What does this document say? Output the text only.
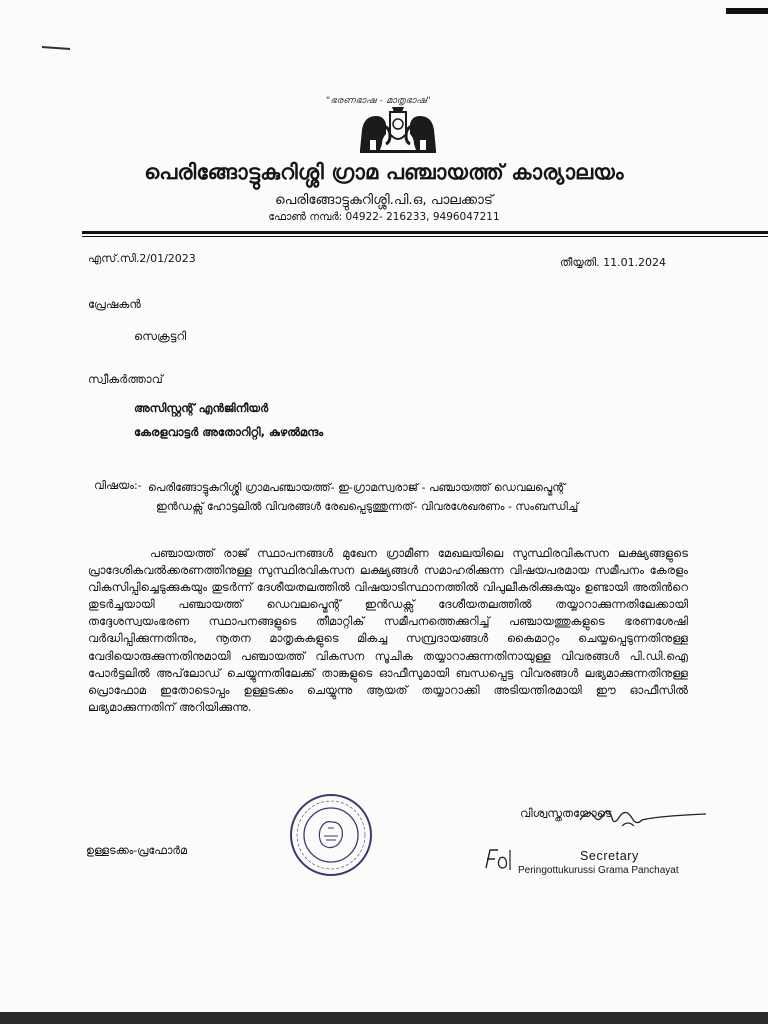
"ഭരണഭാഷ - മാതൃഭാഷ"
പെരിങ്ങോട്ടുകുറിശ്ശി ഗ്രാമ പഞ്ചായത്ത് കാര്യാലയം
പെരിങ്ങോട്ടുകുറിശ്ശി.പി.ഒ, പാലക്കാട്
ഫോൺ നമ്പർ: 04922- 216233, 9496047211
എസ്.സി.2/01/2023	തീയ്യതി. 11.01.2024
പ്രേഷകൻ
സെക്രട്ടറി
സ്വീകർത്താവ്
അസിസ്റ്റന്റ് എൻജിനീയർ
കേരളവാട്ടർ അതോറിറ്റി, കുഴൽമന്ദം
വിഷയം:- പെരിങ്ങോട്ടുകുറിശ്ശി ഗ്രാമപഞ്ചായത്ത്- ഇ-ഗ്രാമസ്വരാജ് - പഞ്ചായത്ത് ഡെവലപ്മെന്റ്
ഇൻഡക്സ് ഹോട്ടലിൽ വിവരങ്ങൾ രേഖപ്പെടുത്തുന്നത്- വിവരശേഖരണം - സംബന്ധിച്ച്
പഞ്ചായത്ത് രാജ് സ്ഥാപനങ്ങൾ മുഖേന ഗ്രാമീണ മേഖലയിലെ സുസ്ഥിരവികസന ലക്ഷ്യങ്ങളുടെ പ്രാദേശികവൽക്കരണത്തിനുള്ള സുസ്ഥിരവികസന ലക്ഷ്യങ്ങൾ സമാഹരിക്കുന്ന വിഷയപരമായ സമീപനം കേരളം വികസിപ്പിച്ചെടുക്കുകയും തുടർന്ന് ദേശീയതലത്തിൽ വിഷയാടിസ്ഥാനത്തിൽ വിപുലീകരിക്കുകയും ഉണ്ടായി അതിൻറെ തുടർച്ചയായി പഞ്ചായത്ത് ഡെവലപ്മെന്റ് ഇൻഡക്സ് ദേശീയതലത്തിൽ തയ്യാറാക്കുന്നതിലേക്കായി തദ്ദേശസ്വയംഭരണ സ്ഥാപനങ്ങളുടെ തീമാറ്റിക് സമീപനത്തെക്കുറിച്ച് പഞ്ചായത്തുകളുടെ ഭരണശേഷി വർദ്ധിപ്പിക്കുന്നതിനും, നൂതന മാതൃകകളുടെ മികച്ച സമ്പ്രദായങ്ങൾ കൈമാറ്റം ചെയ്യപ്പെടുന്നതിനുള്ള വേദിയൊരുക്കുന്നതിനുമായി പഞ്ചായത്ത് വികസന സൂചിക തയ്യാറാക്കുന്നതിനായുള്ള വിവരങ്ങൾ പി.ഡി.ഐ പോർട്ടലിൽ അപ്‌ലോഡ് ചെയ്യുന്നതിലേക്ക് താങ്കളുടെ ഓഫീസുമായി ബന്ധപ്പെട്ട വിവരങ്ങൾ ലഭ്യമാക്കുന്നതിനുള്ള പ്രൊഫോമ ഇതോടൊപ്പം ഉള്ളടക്കം ചെയ്യുന്നു ആയത് തയ്യാറാക്കി അടിയന്തിരമായി ഈ ഓഫീസിൽ ലഭ്യമാക്കുന്നതിന് അറിയിക്കുന്നു.
വിശ്വസ്തതയോടെ
ഉള്ളടക്കം-പ്രഫോർമ	Secretary
Peringottukurussi Grama Panchayat
